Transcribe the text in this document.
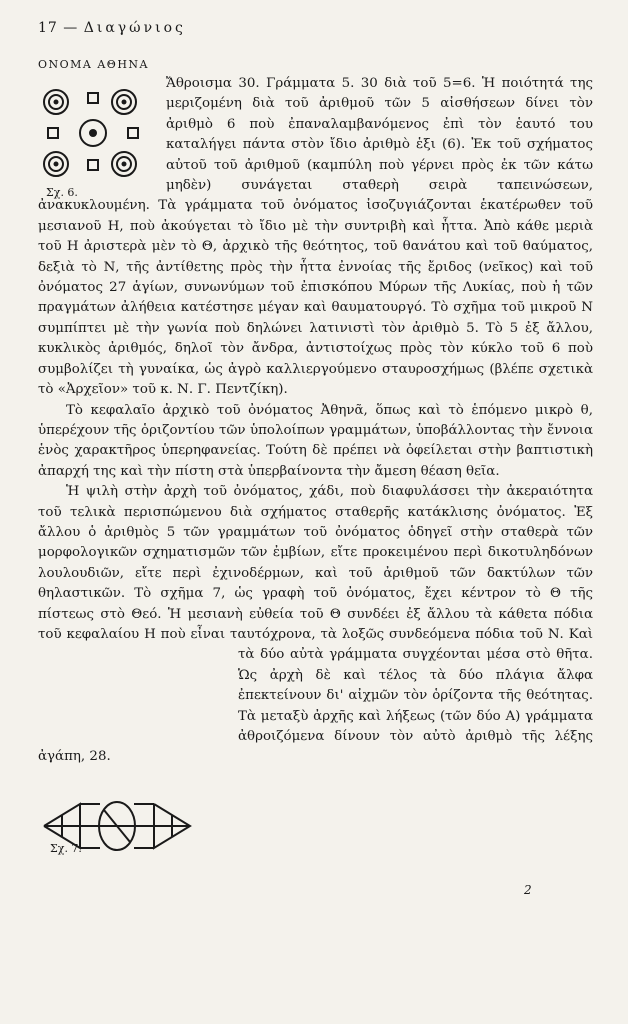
17 — Διαγώνιος
ΟΝΟΜΑ ΑΘΗΝΑ
Σχ. 6.
Σχ. 7.

Ἄθροισμα 30. Γράμματα 5. 30 διὰ τοῦ 5=6. Ἡ ποιότητά της μεριζομένη διὰ τοῦ ἀριθμοῦ τῶν 5 αἰσθήσεων δίνει τὸν ἀριθμὸ 6 ποὺ ἐπαναλαμβανόμενος ἐπὶ τὸν ἑαυτό του καταλήγει πάντα στὸν ἴδιο ἀριθμὸ ἑξι (6). Ἐκ τοῦ σχήματος αὐτοῦ τοῦ ἀριθμοῦ (καμπύλη ποὺ γέρνει πρὸς ἐκ τῶν κάτω μηδὲν) συνάγεται σταθερὴ σειρὰ ταπεινώσεων, ἀνακυκλουμένη. Τὰ γράμματα τοῦ ὀνόματος ἰσοζυγιάζονται ἑκατέρωθεν τοῦ μεσιανοῦ Η, ποὺ ἀκούγεται τὸ ἴδιο μὲ τὴν συντριβὴ καὶ ἧττα. Ἀπὸ κάθε μεριὰ τοῦ Η ἀριστερὰ μὲν τὸ Θ, ἀρχικὸ τῆς θεότητος, τοῦ θανάτου καὶ τοῦ θαύματος, δεξιὰ τὸ Ν, τῆς ἀντίθετης πρὸς τὴν ἧττα ἐννοίας τῆς ἔριδος (νεῖκος) καὶ τοῦ ὀνόματος 27 ἁγίων, συνωνύμων τοῦ ἐπισκόπου Μύρων τῆς Λυκίας, ποὺ ἡ τῶν πραγμάτων ἀλήθεια κατέστησε μέγαν καὶ θαυματουργό. Τὸ σχῆμα τοῦ μικροῦ Ν συμπίπτει μὲ τὴν γωνία ποὺ δηλώνει λατινιστὶ τὸν ἀριθμὸ 5. Τὸ 5 ἐξ ἄλλου, κυκλικὸς ἀριθμός, δηλοῖ τὸν ἄνδρα, ἀντιστοίχως πρὸς τὸν κύκλο τοῦ 6 ποὺ συμβολίζει τὴ γυναίκα, ὡς ἀγρὸ καλλιεργούμενο σταυροσχήμως (βλέπε σχετικὰ τὸ «Ἀρχεῖον» τοῦ κ. Ν. Γ. Πεντζίκη).

Τὸ κεφαλαῖο ἀρχικὸ τοῦ ὀνόματος Ἀθηνᾶ, ὅπως καὶ τὸ ἑπόμενο μικρὸ θ, ὑπερέχουν τῆς ὁριζοντίου τῶν ὑπολοίπων γραμμάτων, ὑποβάλλοντας τὴν ἔννοια ἑνὸς χαρακτῆρος ὑπερηφανείας. Τούτη δὲ πρέπει νὰ ὀφείλεται στὴν βαπτιστικὴ ἀπαρχή της καὶ τὴν πίστη στὰ ὑπερβαίνοντα τὴν ἄμεση θέαση θεῖα.

Ἡ ψιλὴ στὴν ἀρχὴ τοῦ ὀνόματος, χάδι, ποὺ διαφυλάσσει τὴν ἀκεραιότητα τοῦ τελικὰ περισπώμενου διὰ σχήματος σταθερῆς κατάκλισης ὀνόματος. Ἐξ ἄλλου ὁ ἀριθμὸς 5 τῶν γραμμάτων τοῦ ὀνόματος ὁδηγεῖ στὴν σταθερὰ τῶν μορφολογικῶν σχηματισμῶν τῶν ἐμβίων, εἴτε προκειμένου περὶ δικοτυληδόνων λουλουδιῶν, εἴτε περὶ ἐχινοδέρμων, καὶ τοῦ ἀριθμοῦ τῶν δακτύλων τῶν θηλαστικῶν. Τὸ σχῆμα 7, ὡς γραφὴ τοῦ ὀνόματος, ἔχει κέντρον τὸ Θ τῆς πίστεως στὸ Θεό. Ἡ μεσιανὴ εὐθεία τοῦ Θ συνδέει ἐξ ἄλλου τὰ κάθετα πόδια τοῦ κεφαλαίου Η ποὺ εἶναι ταυτόχρονα, τὰ λοξῶς συνδεόμενα πόδια τοῦ Ν. Καὶ τὰ δύο αὐτὰ γράμματα συγχέονται
μέσα στὸ θῆτα. Ὡς ἀρχὴ δὲ καὶ τέλος τὰ δύο πλάγια ἄλφα ἐπεκτείνουν δι' αἰχμῶν τὸν ὁρίζοντα τῆς θεότητας. Τὰ μεταξὺ ἀρχῆς καὶ λήξεως (τῶν δύο Α) γράμματα ἀθροιζόμενα δίνουν τὸν αὐτὸ ἀριθμὸ τῆς λέξης ἀγάπη, 28.

2
